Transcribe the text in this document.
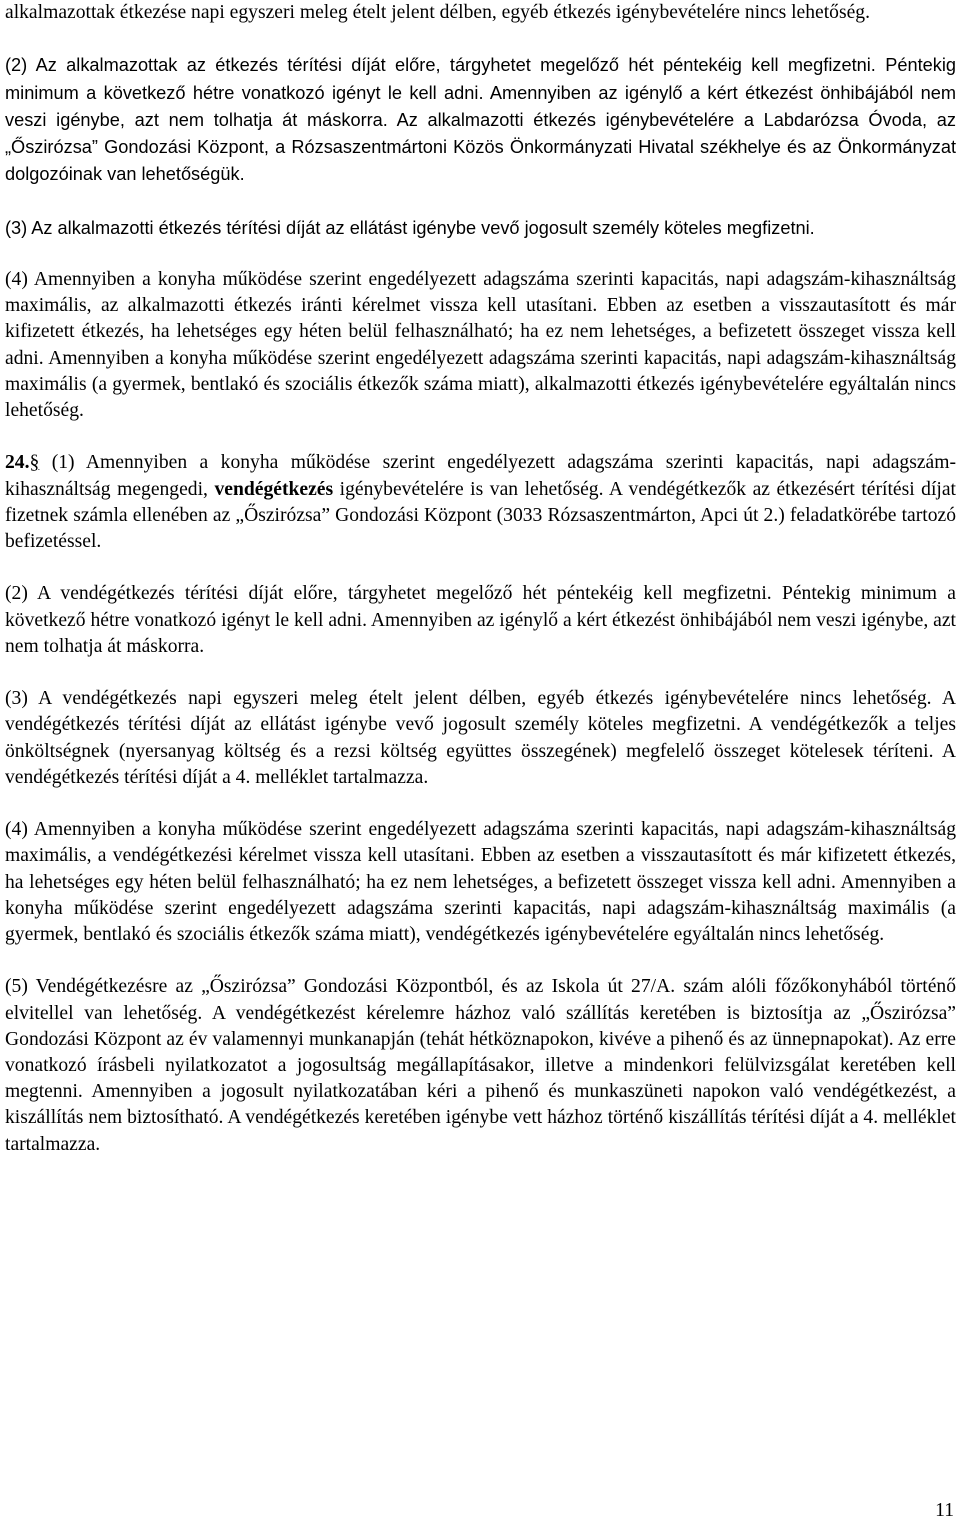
alkalmazottak étkezése napi egyszeri meleg ételt jelent délben, egyéb étkezés igénybevételére nincs lehetőség.

(2) Az alkalmazottak az étkezés térítési díját előre, tárgyhetet megelőző hét péntekéig kell megfizetni. Péntekig minimum a következő hétre vonatkozó igényt le kell adni. Amennyiben az igénylő a kért étkezést önhibájából nem veszi igénybe, azt nem tolhatja át máskorra. Az alkalmazotti étkezés igénybevételére a Labdarózsa Óvoda, az „Őszirózsa” Gondozási Központ, a Rózsaszentmártoni Közös Önkormányzati Hivatal székhelye és az Önkormányzat dolgozóinak van lehetőségük.

(3) Az alkalmazotti étkezés térítési díját az ellátást igénybe vevő jogosult személy köteles megfizetni.

(4) Amennyiben a konyha működése szerint engedélyezett adagszáma szerinti kapacitás, napi adagszám-kihasználtság maximális, az alkalmazotti étkezés iránti kérelmet vissza kell utasítani. Ebben az esetben a visszautasított és már kifizetett étkezés, ha lehetséges egy héten belül felhasználható; ha ez nem lehetséges, a befizetett összeget vissza kell adni. Amennyiben a konyha működése szerint engedélyezett adagszáma szerinti kapacitás, napi adagszám-kihasználtság maximális (a gyermek, bentlakó és szociális étkezők száma miatt), alkalmazotti étkezés igénybevételére egyáltalán nincs lehetőség.

24.§ (1) Amennyiben a konyha működése szerint engedélyezett adagszáma szerinti kapacitás, napi adagszám-kihasználtság megengedi, vendégétkezés igénybevételére is van lehetőség. A vendégétkezők az étkezésért térítési díjat fizetnek számla ellenében az „Őszirózsa” Gondozási Központ (3033 Rózsaszentmárton, Apci út 2.) feladatkörébe tartozó befizetéssel.

(2) A vendégétkezés térítési díját előre, tárgyhetet megelőző hét péntekéig kell megfizetni. Péntekig minimum a következő hétre vonatkozó igényt le kell adni. Amennyiben az igénylő a kért étkezést önhibájából nem veszi igénybe, azt nem tolhatja át máskorra.

(3) A vendégétkezés napi egyszeri meleg ételt jelent délben, egyéb étkezés igénybevételére nincs lehetőség. A vendégétkezés térítési díját az ellátást igénybe vevő jogosult személy köteles megfizetni. A vendégétkezők a teljes önköltségnek (nyersanyag költség és a rezsi költség együttes összegének) megfelelő összeget kötelesek téríteni. A vendégétkezés térítési díját a 4. melléklet tartalmazza.

(4) Amennyiben a konyha működése szerint engedélyezett adagszáma szerinti kapacitás, napi adagszám-kihasználtság maximális, a vendégétkezési kérelmet vissza kell utasítani. Ebben az esetben a visszautasított és már kifizetett étkezés, ha lehetséges egy héten belül felhasználható; ha ez nem lehetséges, a befizetett összeget vissza kell adni. Amennyiben a konyha működése szerint engedélyezett adagszáma szerinti kapacitás, napi adagszám-kihasználtság maximális (a gyermek, bentlakó és szociális étkezők száma miatt), vendégétkezés igénybevételére egyáltalán nincs lehetőség.

(5) Vendégétkezésre az „Őszirózsa” Gondozási Központból, és az Iskola út 27/A. szám alóli főzőkonyhából történő elvitellel van lehetőség. A vendégétkezést kérelemre házhoz való szállítás keretében is biztosítja az „Őszirózsa” Gondozási Központ az év valamennyi munkanapján (tehát hétköznapokon, kivéve a pihenő és az ünnepnapokat). Az erre vonatkozó írásbeli nyilatkozatot a jogosultság megállapításakor, illetve a mindenkori felülvizsgálat keretében kell megtenni. Amennyiben a jogosult nyilatkozatában kéri a pihenő és munkaszüneti napokon való vendégétkezést, a kiszállítás nem biztosítható. A vendégétkezés keretében igénybe vett házhoz történő kiszállítás térítési díját a 4. melléklet tartalmazza.

11
